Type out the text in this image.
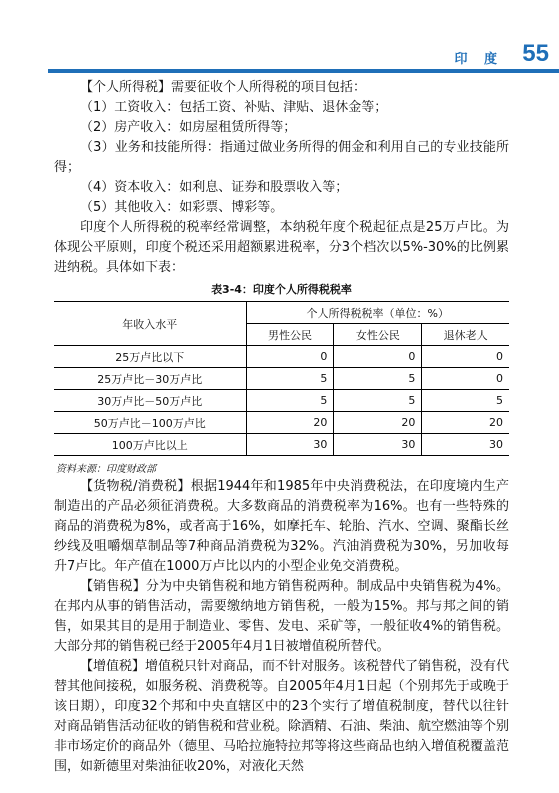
印 度 55

【个人所得税】需要征收个人所得税的项目包括：

（1）工资收入：包括工资、补贴、津贴、退休金等；

（2）房产收入：如房屋租赁所得等；

（3）业务和技能所得：指通过做业务所得的佣金和利用自己的专业技能所得；

（4）资本收入：如利息、证券和股票收入等；

（5）其他收入：如彩票、博彩等。

印度个人所得税的税率经常调整，本纳税年度个税起征点是25万卢比。为体现公平原则，印度个税还采用超额累进税率，分3个档次以5%-30%的比例累进纳税。具体如下表：

表3-4：印度个人所得税税率
年收入水平	个人所得税税率（单位：%）		
	男性公民	女性公民	退休老人
25万卢比以下	0	0	0
25万卢比－30万卢比	5	5	0
30万卢比－50万卢比	5	5	5
50万卢比－100万卢比	20	20	20
100万卢比以上	30	30	30
资料来源：印度财政部

【货物税/消费税】根据1944年和1985年中央消费税法，在印度境内生产制造出的产品必须征消费税。大多数商品的消费税率为16%。也有一些特殊的商品的消费税为8%，或者高于16%，如摩托车、轮胎、汽水、空调、聚酯长丝纱线及咀嚼烟草制品等7种商品消费税为32%。汽油消费税为30%，另加收每升7卢比。年产值在1000万卢比以内的小型企业免交消费税。

【销售税】分为中央销售税和地方销售税两种。制成品中央销售税为4%。在邦内从事的销售活动，需要缴纳地方销售税，一般为15%。邦与邦之间的销售，如果其目的是用于制造业、零售、发电、采矿等，一般征收4%的销售税。大部分邦的销售税已经于2005年4月1日被增值税所替代。

【增值税】增值税只针对商品，而不针对服务。该税替代了销售税，没有代替其他间接税，如服务税、消费税等。自2005年4月1日起（个别邦先于或晚于该日期），印度32个邦和中央直辖区中的23个实行了增值税制度，替代以往针对商品销售活动征收的销售税和营业税。除酒精、石油、柴油、航空燃油等个别非市场定价的商品外（德里、马哈拉施特拉邦等将这些商品也纳入增值税覆盖范围，如新德里对柴油征收20%，对液化天然
